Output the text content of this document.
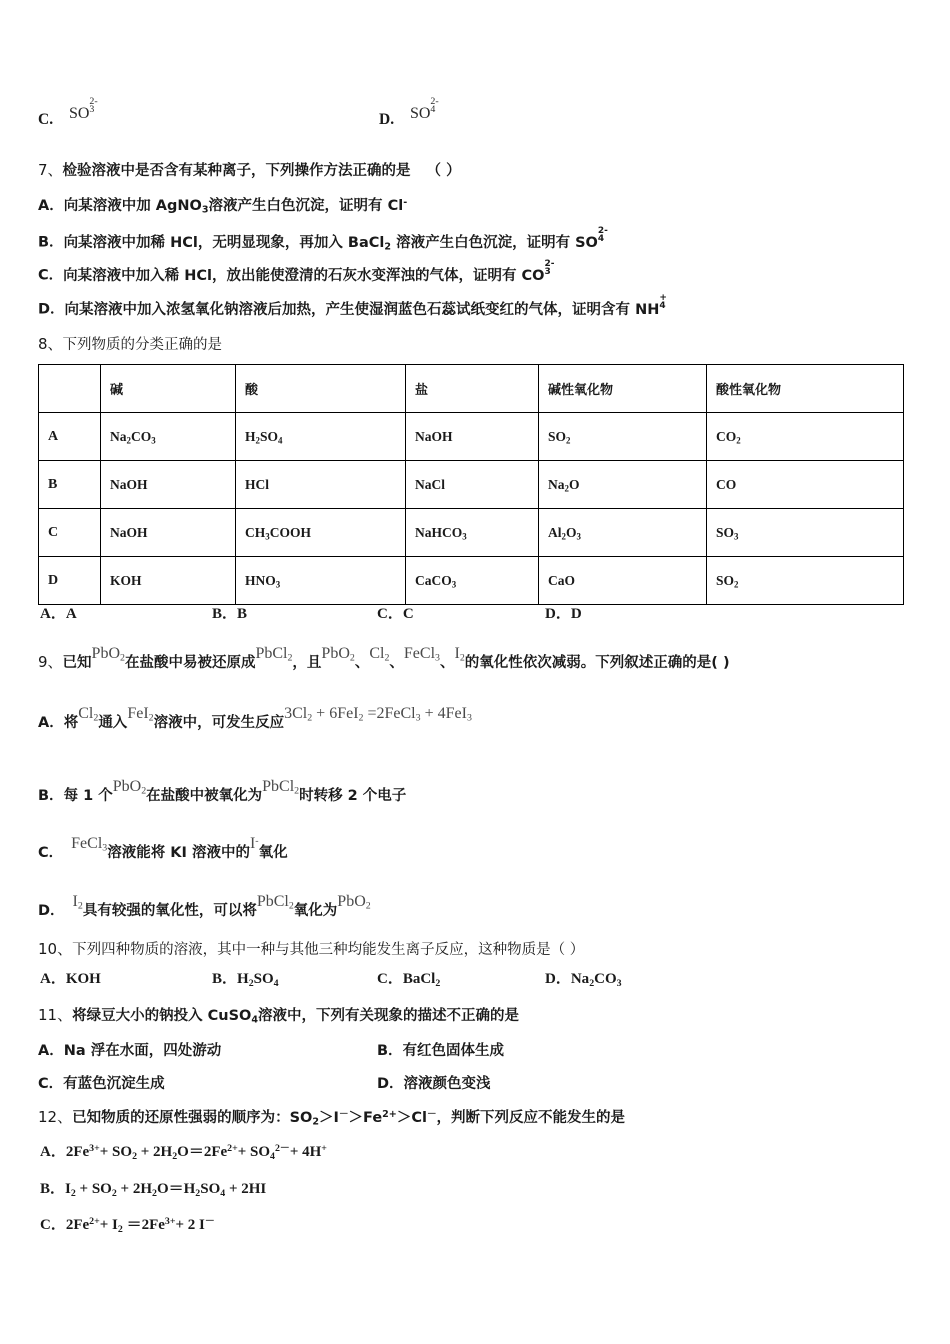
C. SO
2-
3
D. SO
2-
4
7、检验溶液中是否含有某种离子，下列操作方法正确的是 （ ）
A．向某溶液中加 AgNO$_3$溶液产生白色沉淀，证明有 Cl-
B．向某溶液中加稀 HCl，无明显现象，再加入 BaCl$_2$ 溶液产生白色沉淀，证明有 SO
2-
4
C．向某溶液中加入稀 HCl，放出能使澄清的石灰水变浑浊的气体，证明有 CO
2-
3
D．向某溶液中加入浓氢氧化钠溶液后加热，产生使湿润蓝色石蕊试纸变红的气体，证明含有 NH
+
4
8、下列物质的分类正确的是
	碱	酸	盐	碱性氧化物	酸性氧化物
A	$Na_2CO_3$	$H_2SO_4$	NaOH	$SO_2$	$CO_2$
B	NaOH	HCl	NaCl	$Na_2O$	CO
C	NaOH	$CH_3COOH$	NaHCO$_3$	$Al_2O_3$	$SO_3$
D	KOH	$HNO_3$	CaCO$_3$	CaO	$SO_2$
A．A	B．B	C．C	D．D
9、已知PbO$_2$在盐酸中易被还原成PbCl$_2$，且PbO$_2$、$Cl_2$、FeCl$_3$、$I_2$的氧化性依次减弱。下列叙述正确的是( )
A．将$Cl_2$通入FeI$_2$溶液中，可发生反应$3Cl_2 + 6FeI_2$ =2FeCl$_3$ + 4FeI$_3$
B．每 1 个PbO$_2$在盐酸中被氧化为PbCl$_2$时转移 2 个电子
C．FeCl$_3$溶液能将 KI 溶液中的I-氧化
D．$I_2$具有较强的氧化性，可以将PbCl$_2$氧化为PbO$_2$
10、下列四种物质的溶液，其中一种与其他三种均能发生离子反应，这种物质是（ ）
A．KOH	B．$H_2SO_4$	C．BaCl$_2$	D．$Na_2CO_3$
11、将绿豆大小的钠投入 CuSO$_4$溶液中，下列有关现象的描述不正确的是
A．Na 浮在水面，四处游动	B．有红色固体生成
C．有蓝色沉淀生成	D．溶液颜色变浅
12、已知物质的还原性强弱的顺序为：$SO_2>I^->Fe^{2+}>Cl^-$，判断下列反应不能发生的是
A．$2Fe^{3+}+ SO_2 + 2H_2O=2Fe^{2+}+ SO_4^{2-}+ 4H^+$
B．$I_2 + SO_2 + 2H_2O=H_2SO_4 + 2HI$
C．$2Fe^{2+}+ I_2 =2Fe^{3+}+ 2$ I－
